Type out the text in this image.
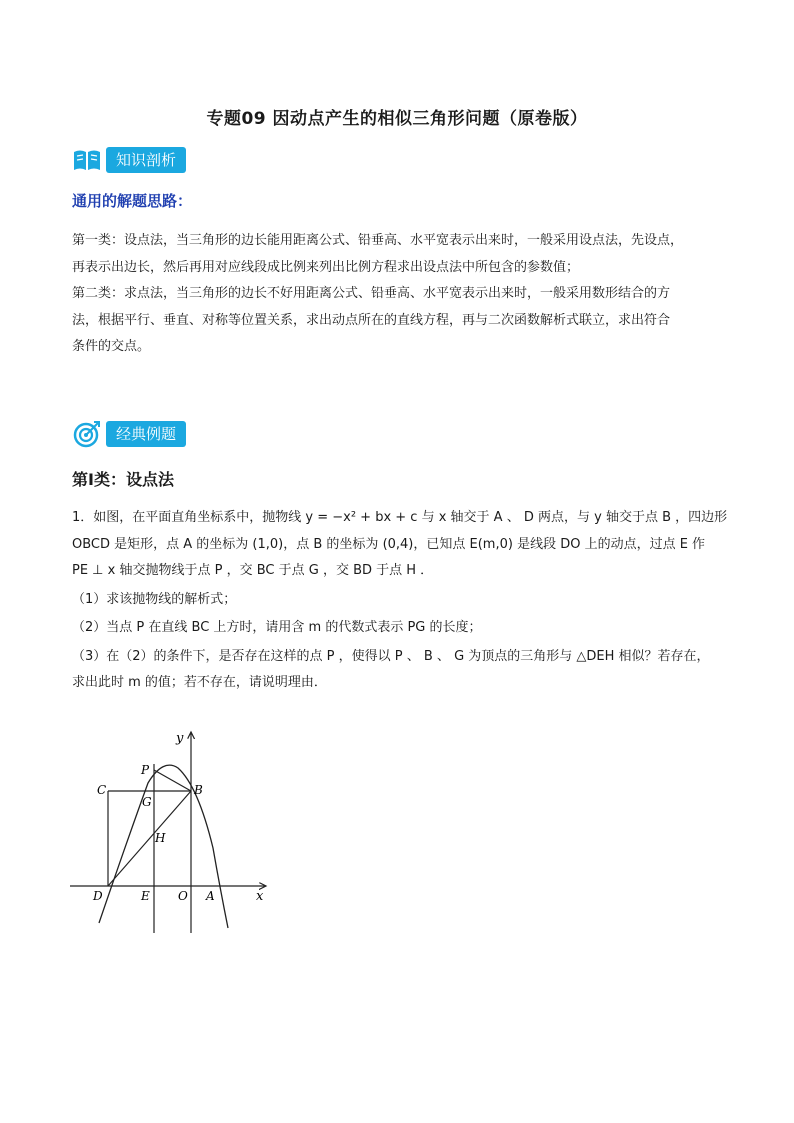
专题09 因动点产生的相似三角形问题（原卷版）
知识剖析
通用的解题思路：
第一类：设点法，当三角形的边长能用距离公式、铅垂高、水平宽表示出来时，一般采用设点法，先设点，
再表示出边长，然后再用对应线段成比例来列出比例方程求出设点法中所包含的参数值；
第二类：求点法，当三角形的边长不好用距离公式、铅垂高、水平宽表示出来时，一般采用数形结合的方
法，根据平行、垂直、对称等位置关系，求出动点所在的直线方程，再与二次函数解析式联立，求出符合
条件的交点。
经典例题
第Ⅰ类：设点法
1．如图，在平面直角坐标系中，抛物线 y = −x² + bx + c 与 x 轴交于 A 、 D 两点，与 y 轴交于点 B ，四边形
OBCD 是矩形，点 A 的坐标为 (1,0)，点 B 的坐标为 (0,4)，已知点 E(m,0) 是线段 DO 上的动点，过点 E 作
PE ⊥ x 轴交抛物线于点 P ，交 BC 于点 G ，交 BD 于点 H ．
（1）求该抛物线的解析式；
（2）当点 P 在直线 BC 上方时，请用含 m 的代数式表示 PG 的长度；
（3）在（2）的条件下，是否存在这样的点 P ，使得以 P 、 B 、 G 为顶点的三角形与 △DEH 相似？若存在，
求出此时 m 的值；若不存在，请说明理由．
y
x
P
C
G
B
H
D	E O A
